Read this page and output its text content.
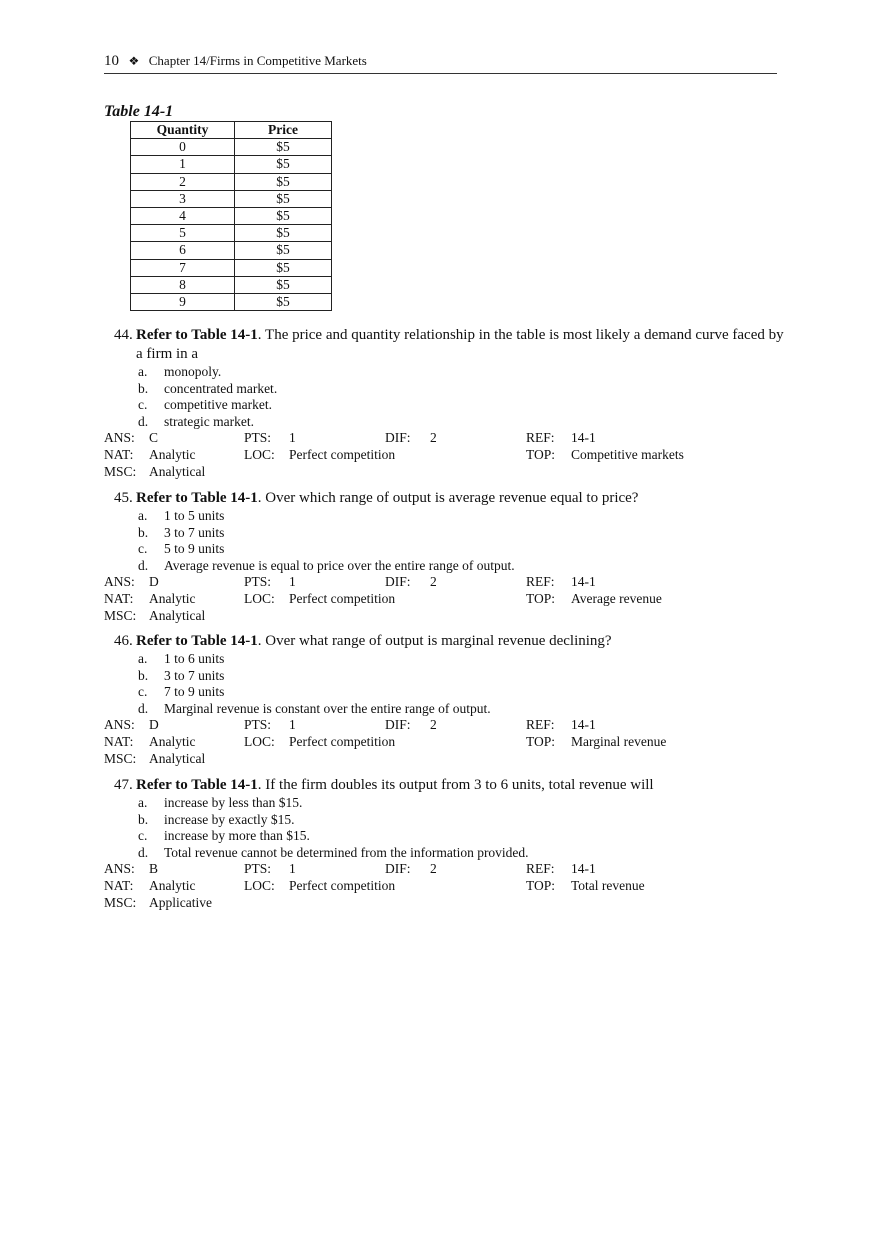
10 ❖ Chapter 14/Firms in Competitive Markets
Table 14-1
Quantity	Price
0	$5
1	$5
2	$5
3	$5
4	$5
5	$5
6	$5
7	$5
8	$5
9	$5
44. Refer to Table 14-1. The price and quantity relationship in the table is most likely a demand curve faced by a firm in a
a. monopoly.
b. concentrated market.
c. competitive market.
d. strategic market.
ANS: C	PTS: 1	DIF: 2	REF: 14-1
NAT: Analytic	LOC: Perfect competition	TOP: Competitive markets
MSC: Analytical
45. Refer to Table 14-1. Over which range of output is average revenue equal to price?
a. 1 to 5 units
b. 3 to 7 units
c. 5 to 9 units
d. Average revenue is equal to price over the entire range of output.
ANS: D	PTS: 1	DIF: 2	REF: 14-1
NAT: Analytic	LOC: Perfect competition	TOP: Average revenue
MSC: Analytical
46. Refer to Table 14-1. Over what range of output is marginal revenue declining?
a. 1 to 6 units
b. 3 to 7 units
c. 7 to 9 units
d. Marginal revenue is constant over the entire range of output.
ANS: D	PTS: 1	DIF: 2	REF: 14-1
NAT: Analytic	LOC: Perfect competition	TOP: Marginal revenue
MSC: Analytical
47. Refer to Table 14-1. If the firm doubles its output from 3 to 6 units, total revenue will
a. increase by less than $15.
b. increase by exactly $15.
c. increase by more than $15.
d. Total revenue cannot be determined from the information provided.
ANS: B	PTS: 1	DIF: 2	REF: 14-1
NAT: Analytic	LOC: Perfect competition	TOP: Total revenue
MSC: Applicative
